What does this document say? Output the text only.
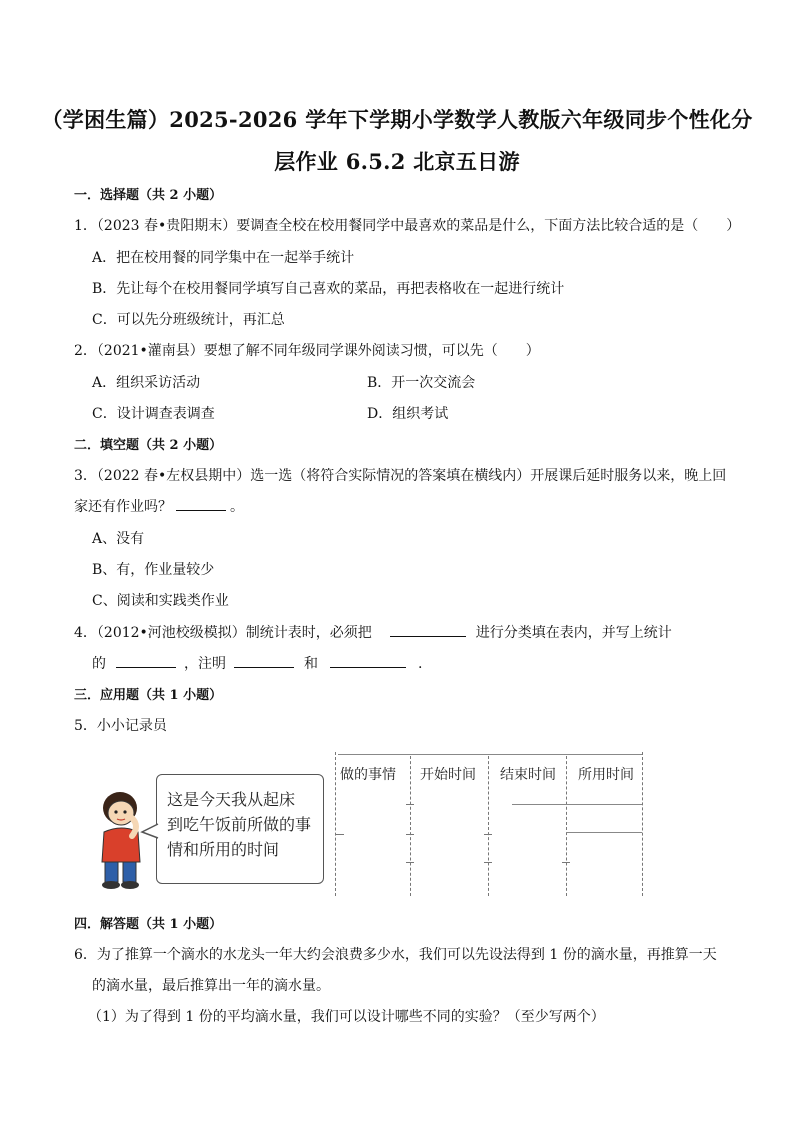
（学困生篇）2025-2026 学年下学期小学数学人教版六年级同步个性化分
层作业 6.5.2 北京五日游
一．选择题（共 2 小题）
1．（2023 春•贵阳期末）要调查全校在校用餐同学中最喜欢的菜品是什么，下面方法比较合适的是（　　）
A．把在校用餐的同学集中在一起举手统计
B．先让每个在校用餐同学填写自己喜欢的菜品，再把表格收在一起进行统计
C．可以先分班级统计，再汇总
2．（2021•灌南县）要想了解不同年级同学课外阅读习惯，可以先（　　）
A．组织采访活动	B．开一次交流会
C．设计调查表调查	D．组织考试
二．填空题（共 2 小题）
3．（2022 春•左权县期中）选一选（将符合实际情况的答案填在横线内）开展课后延时服务以来，晚上回
家还有作业吗？	。
A、没有
B、有，作业量较少
C、阅读和实践类作业
4．（2012•河池校级模拟）制统计表时，必须把	进行分类填在表内，并写上统计
的	，注明	和	.
三．应用题（共 1 小题）
5．小小记录员
这是今天我从起床
到吃午饭前所做的事
情和所用的时间
做的事情 开始时间 结束时间 所用时间
四．解答题（共 1 小题）
6．为了推算一个滴水的水龙头一年大约会浪费多少水，我们可以先设法得到 1 份的滴水量，再推算一天
的滴水量，最后推算出一年的滴水量。
（1）为了得到 1 份的平均滴水量，我们可以设计哪些不同的实验？（至少写两个）
